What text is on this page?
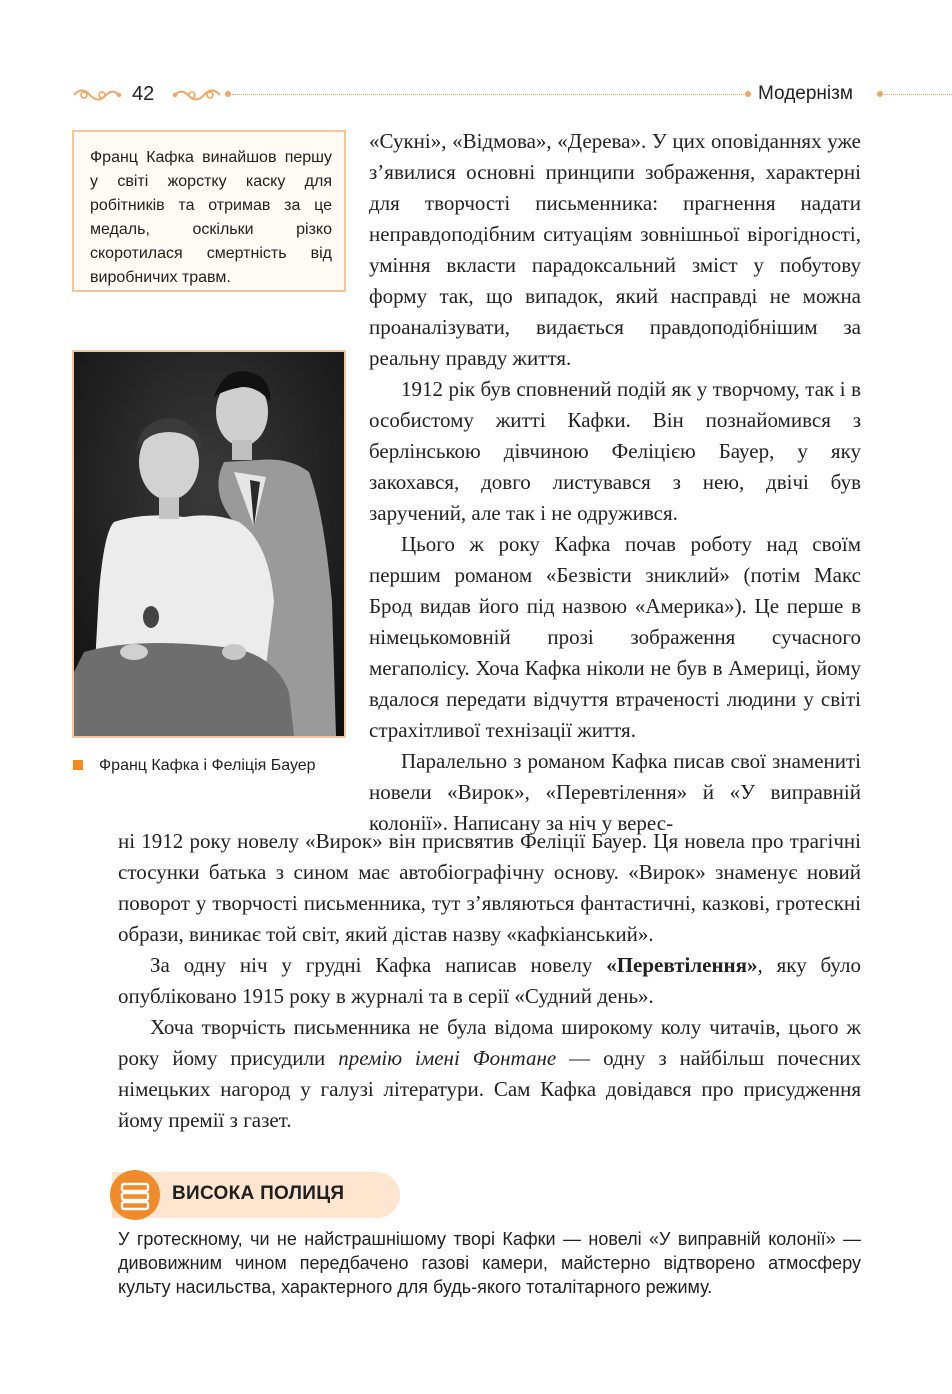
42	Модернізм
Франц Кафка винайшов першу у світі жорстку каску для робітників та отримав за це медаль, оскільки різко скоротилася смертність від виробничих травм.
Франц Кафка і Феліція Бауер

«Сукні», «Відмова», «Дерева». У цих оповіданнях уже з’явилися основні принципи зображення, характерні для творчості письменника: прагнення надати неправдоподібним ситуаціям зовнішньої вірогідності, уміння вкласти парадоксальний зміст у побутову форму так, що випадок, який насправді не можна проаналізувати, видається правдоподібнішим за реальну правду життя.

1912 рік був сповнений подій як у творчому, так і в особистому житті Кафки. Він познайомився з берлінською дівчиною Феліцією Бауер, у яку закохався, довго листувався з нею, двічі був заручений, але так і не одружився.

Цього ж року Кафка почав роботу над своїм першим романом «Безвісти зниклий» (потім Макс Брод видав його під назвою «Америка»). Це перше в німецькомовній прозі зображення сучасного мегаполісу. Хоча Кафка ніколи не був в Америці, йому вдалося передати відчуття втраченості людини у світі страхітливої технізації життя.

Паралельно з романом Кафка писав свої знамениті новели «Вирок», «Перевтілення» й «У виправній колонії». Написану за ніч у верес-

ні 1912 року новелу «Вирок» він присвятив Феліції Бауер. Ця новела про трагічні стосунки батька з сином має автобіографічну основу. «Вирок» знаменує новий поворот у творчості письменника, тут з’являються фантастичні, казкові, гротескні образи, виникає той світ, який дістав назву «кафкіанський».

За одну ніч у грудні Кафка написав новелу «Перевтілення», яку було опубліковано 1915 року в журналі та в серії «Судний день».

Хоча творчість письменника не була відома широкому колу читачів, цього ж року йому присудили премію імені Фонтане — одну з найбільш почесних німецьких нагород у галузі літератури. Сам Кафка довідався про присудження йому премії з газет.

ВИСОКА ПОЛИЦЯ
У гротескному, чи не найстрашнішому творі Кафки — новелі «У виправній колонії» — дивовижним чином передбачено газові камери, майстерно відтворено атмосферу культу насильства, характерного для будь-якого тоталітарного режиму.
